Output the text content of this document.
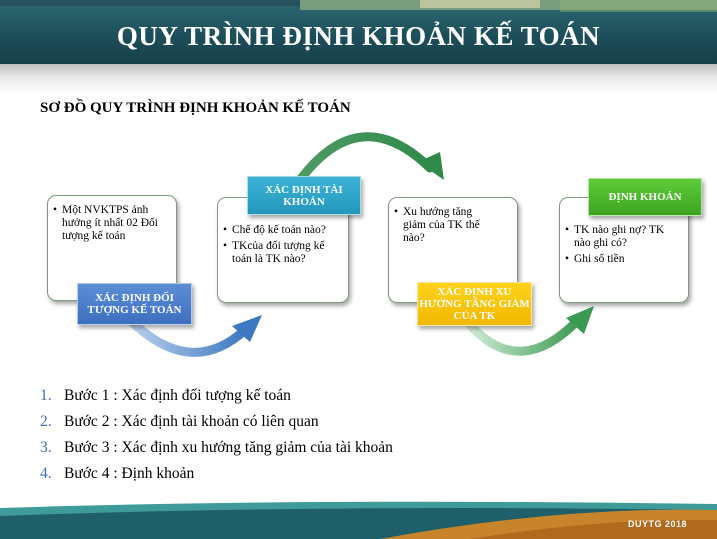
QUY TRÌNH ĐỊNH KHOẢN KẾ TOÁN
SƠ ĐỒ QUY TRÌNH ĐỊNH KHOẢN KẾ TOÁN
• Một NVKTPS ảnh hưởng ít nhất 02 Đối tượng kế toán
XÁC ĐỊNH ĐỐI TƯỢNG KẾ TOÁN
• Chế độ kế toán nào?
• TKcủa đối tượng kế toán là TK nào?
XÁC ĐỊNH TÀI KHOẢN
• Xu hướng tăng giảm của TK thế nào?
XÁC ĐỊNH XU HƯỚNG TĂNG GIẢM CỦA TK
• TK nào ghi nợ? TK nào ghi có?
• Ghi số tiền
ĐỊNH KHOẢN
1. Bước 1 : Xác định đối tượng kế toán
2. Bước 2 : Xác định tài khoản có liên quan
3. Bước 3 : Xác định xu hướng tăng giảm của tài khoản
4. Bước 4 : Định khoản
DUYTG 2018
